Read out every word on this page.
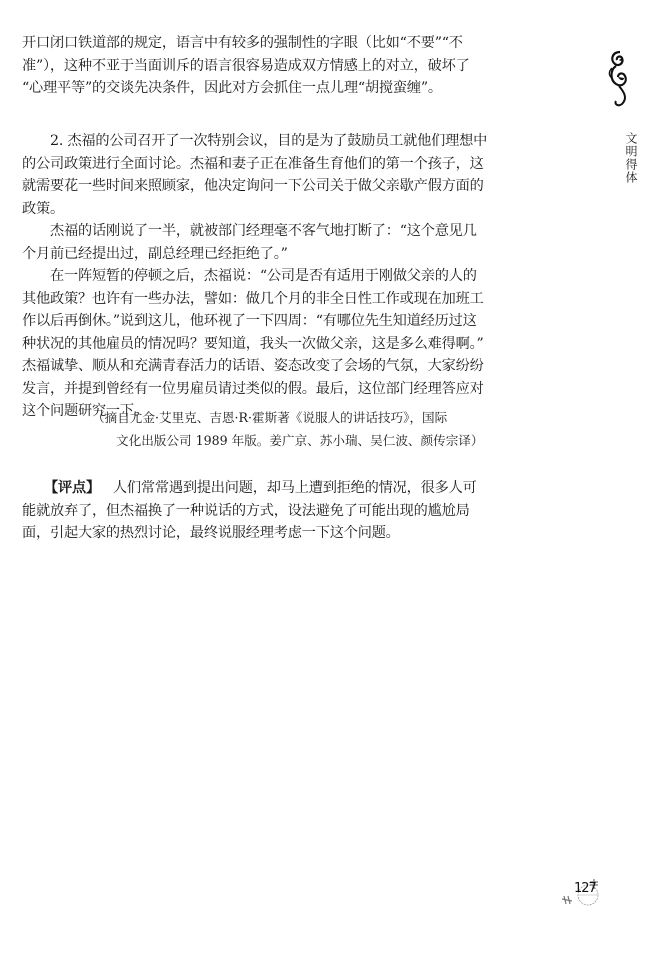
文明得体
开口闭口铁道部的规定，语言中有较多的强制性的字眼（比如“不要”“不
准”），这种不亚于当面训斥的语言很容易造成双方情感上的对立，破坏了
“心理平等”的交谈先决条件，因此对方会抓住一点儿理“胡搅蛮缠”。
2. 杰福的公司召开了一次特别会议，目的是为了鼓励员工就他们理想中
的公司政策进行全面讨论。杰福和妻子正在准备生育他们的第一个孩子，这
就需要花一些时间来照顾家，他决定询问一下公司关于做父亲歇产假方面的
政策。
杰福的话刚说了一半，就被部门经理毫不客气地打断了：“这个意见几
个月前已经提出过，副总经理已经拒绝了。”
在一阵短暂的停顿之后，杰福说：“公司是否有适用于刚做父亲的人的
其他政策？也许有一些办法，譬如：做几个月的非全日性工作或现在加班工
作以后再倒休。”说到这儿，他环视了一下四周：“有哪位先生知道经历过这
种状况的其他雇员的情况吗？要知道，我头一次做父亲，这是多么难得啊。”
杰福诚挚、顺从和充满青春活力的话语、姿态改变了会场的气氛，大家纷纷
发言，并提到曾经有一位男雇员请过类似的假。最后，这位部门经理答应对
这个问题研究一下。
（摘自尤金·艾里克、吉恩·R·霍斯著《说服人的讲话技巧》，国际
文化出版公司 1989 年版。姜广京、苏小瑞、吴仁波、颜传宗译）
【评点】 人们常常遇到提出问题，却马上遭到拒绝的情况，很多人可
能就放弃了，但杰福换了一种说话的方式，设法避免了可能出现的尴尬局
面，引起大家的热烈讨论，最终说服经理考虑一下这个问题。
127
